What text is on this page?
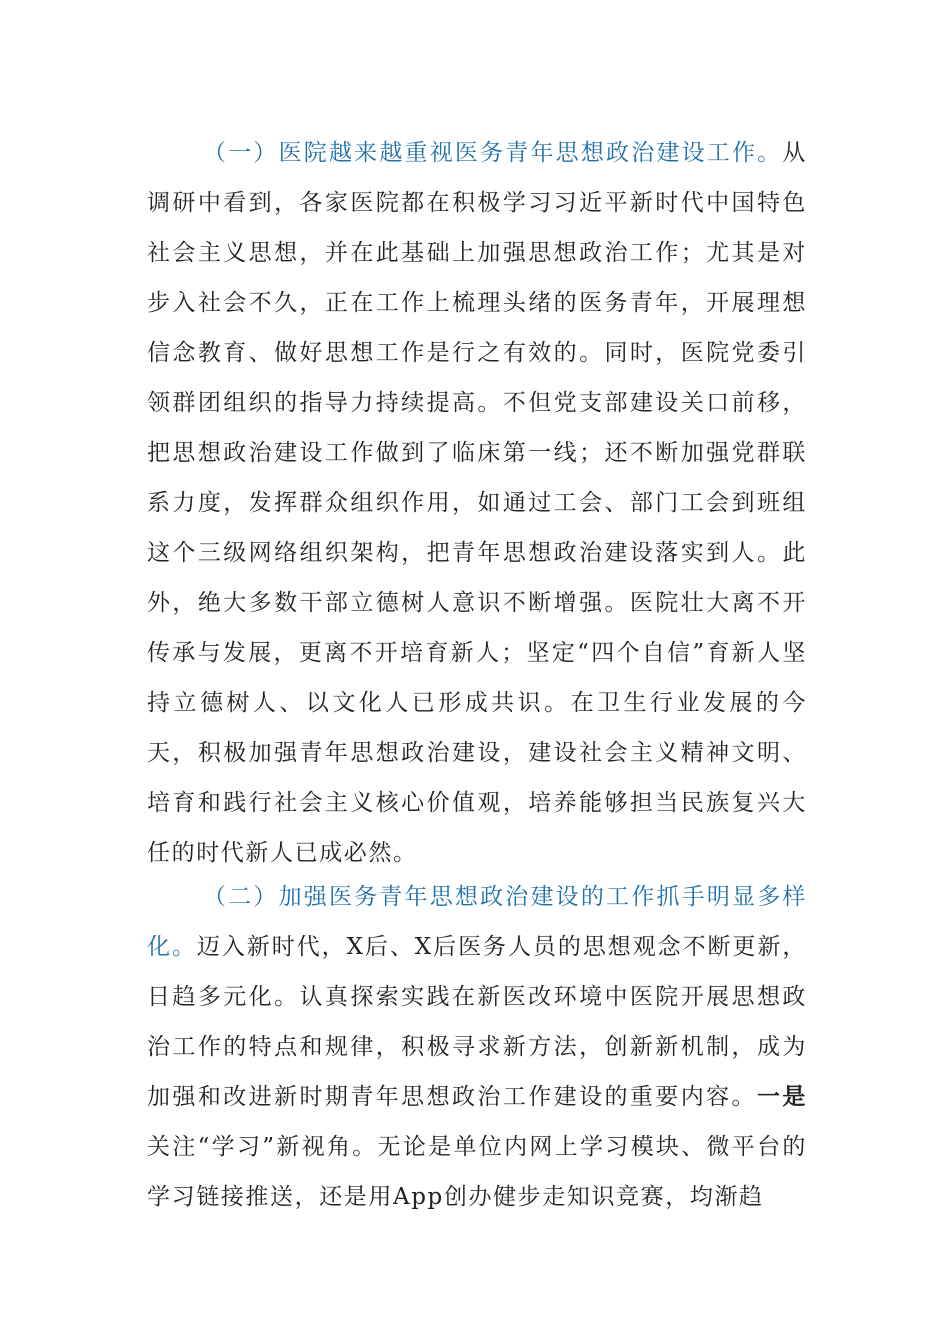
（一）医院越来越重视医务青年思想政治建设工作。从调研中看到，各家医院都在积极学习习近平新时代中国特色社会主义思想，并在此基础上加强思想政治工作；尤其是对步入社会不久，正在工作上梳理头绪的医务青年，开展理想信念教育、做好思想工作是行之有效的。同时，医院党委引领群团组织的指导力持续提高。不但党支部建设关口前移，把思想政治建设工作做到了临床第一线；还不断加强党群联系力度，发挥群众组织作用，如通过工会、部门工会到班组这个三级网络组织架构，把青年思想政治建设落实到人。此外，绝大多数干部立德树人意识不断增强。医院壮大离不开传承与发展，更离不开培育新人；坚定“四个自信”育新人坚持立德树人、以文化人已形成共识。在卫生行业发展的今天，积极加强青年思想政治建设，建设社会主义精神文明、培育和践行社会主义核心价值观，培养能够担当民族复兴大任的时代新人已成必然。

（二）加强医务青年思想政治建设的工作抓手明显多样化。迈入新时代，X后、X后医务人员的思想观念不断更新，日趋多元化。认真探索实践在新医改环境中医院开展思想政治工作的特点和规律，积极寻求新方法，创新新机制，成为加强和改进新时期青年思想政治工作建设的重要内容。一是关注“学习”新视角。无论是单位内网上学习模块、微平台的学习链接推送，还是用App创办健步走知识竞赛，均渐趋
